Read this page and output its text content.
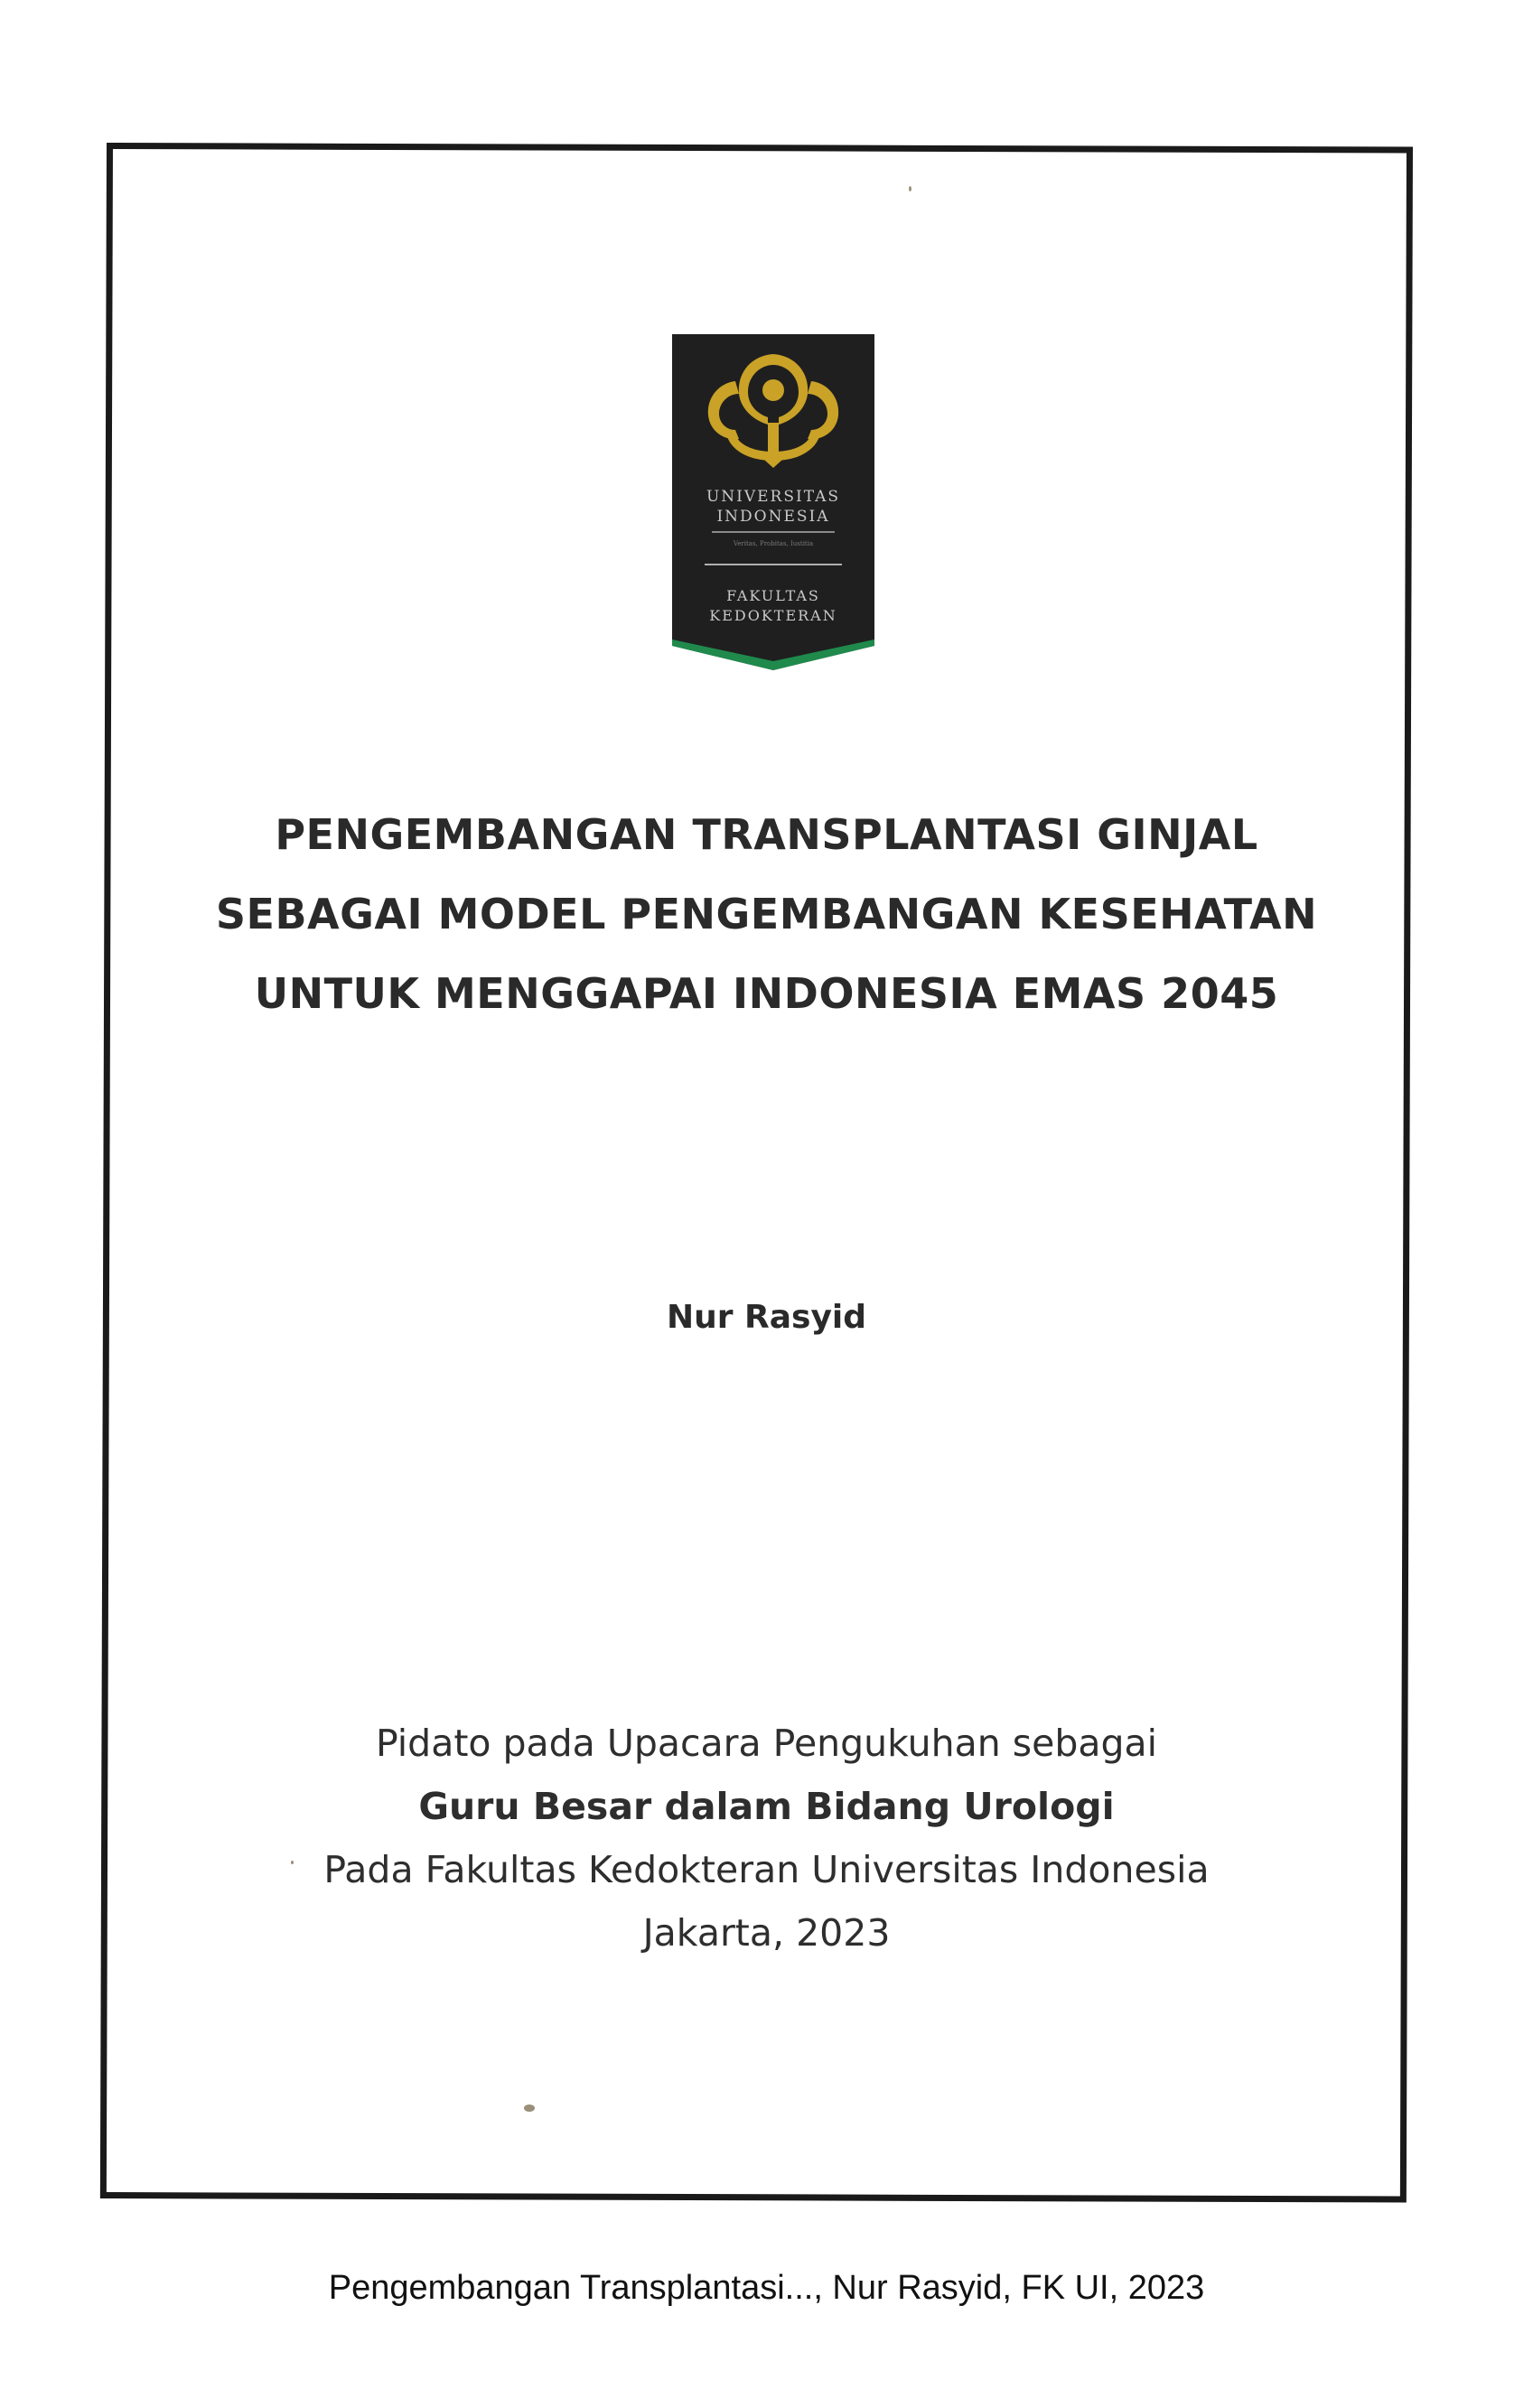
UNIVERSITAS
INDONESIA
Veritas, Probitas, Iustitia
FAKULTAS
KEDOKTERAN
PENGEMBANGAN TRANSPLANTASI GINJAL
SEBAGAI MODEL PENGEMBANGAN KESEHATAN
UNTUK MENGGAPAI INDONESIA EMAS 2045
Nur Rasyid
Pidato pada Upacara Pengukuhan sebagai
Guru Besar dalam Bidang Urologi
Pada Fakultas Kedokteran Universitas Indonesia
Jakarta, 2023
Pengembangan Transplantasi..., Nur Rasyid, FK UI, 2023
